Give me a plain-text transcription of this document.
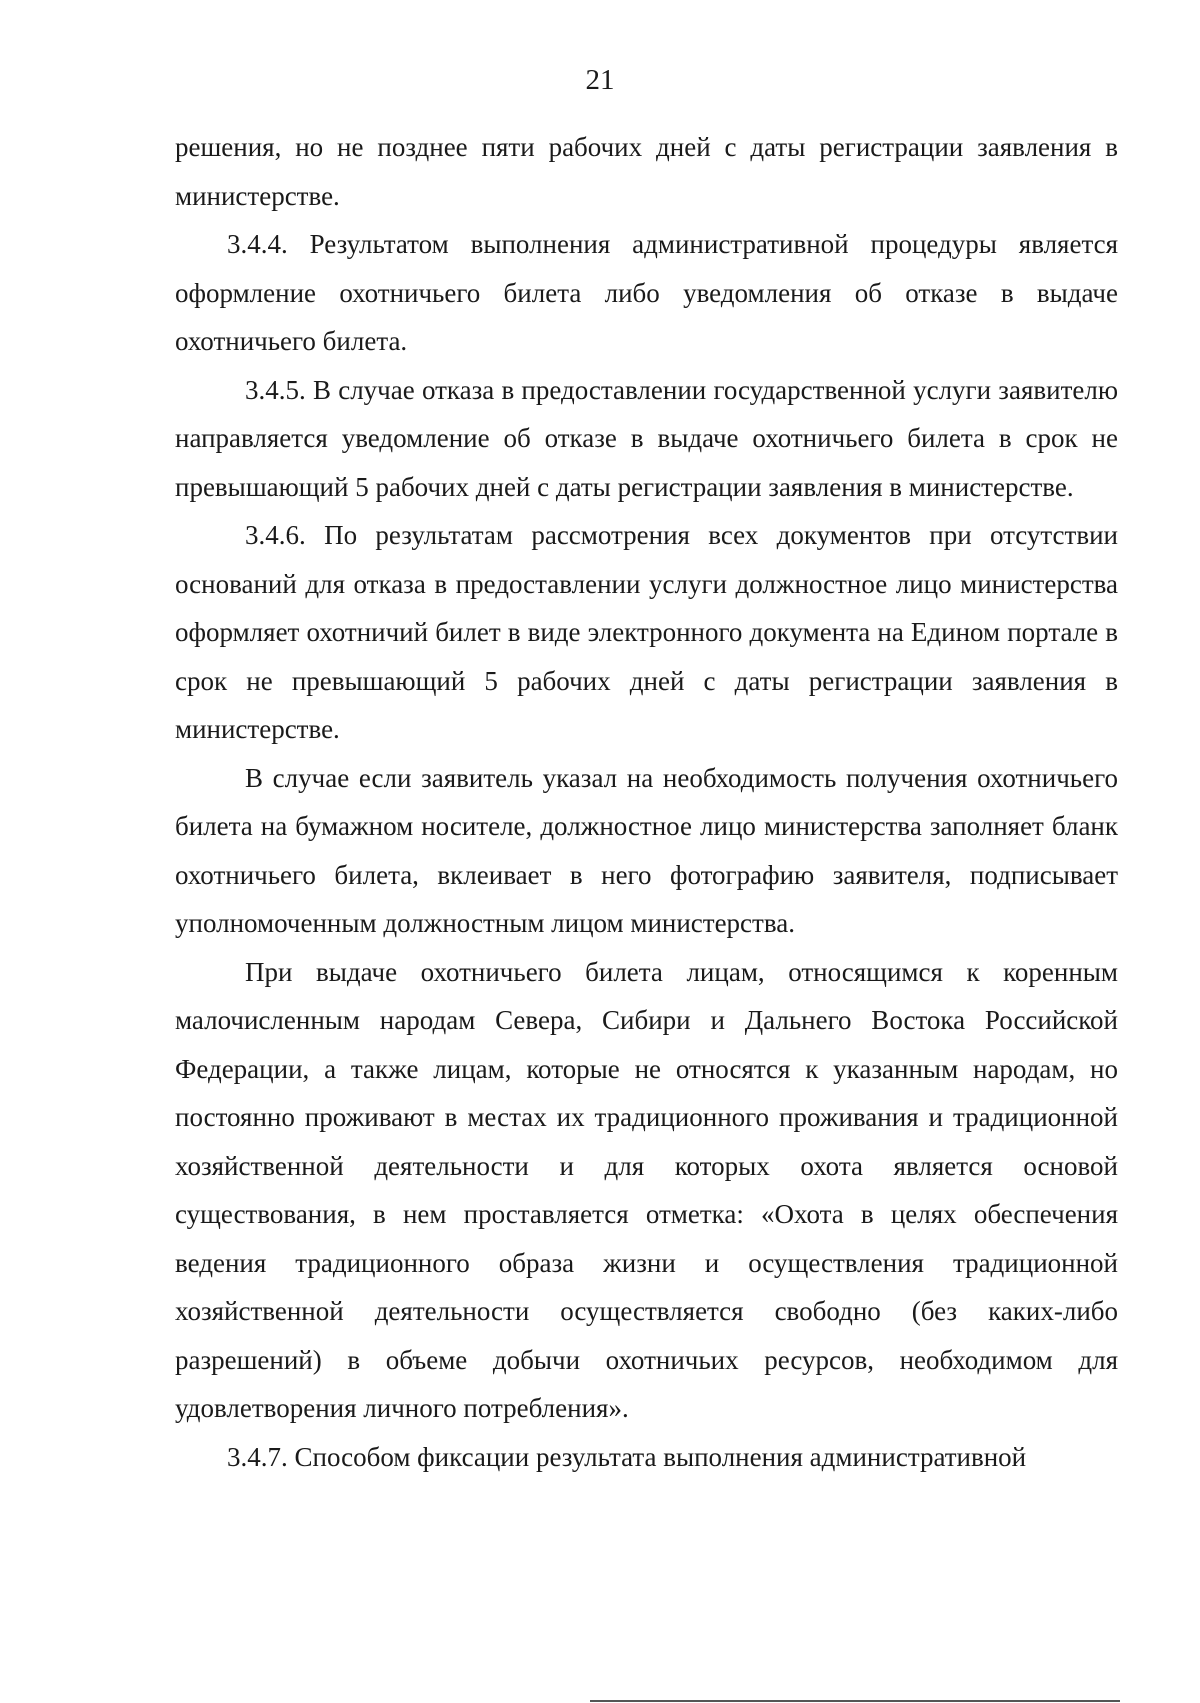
21

решения, но не позднее пяти рабочих дней с даты регистрации заявления в министерстве.

3.4.4. Результатом выполнения административной процедуры является оформление охотничьего билета либо уведомления об отказе в выдаче охотничьего билета.

3.4.5. В случае отказа в предоставлении государственной услуги заявителю направляется уведомление об отказе в выдаче охотничьего билета в срок не превышающий 5 рабочих дней с даты регистрации заявления в министерстве.

3.4.6. По результатам рассмотрения всех документов при отсутствии оснований для отказа в предоставлении услуги должностное лицо министерства оформляет охотничий билет в виде электронного документа на Едином портале в срок не превышающий 5 рабочих дней с даты регистрации заявления в министерстве.

В случае если заявитель указал на необходимость получения охотничьего билета на бумажном носителе, должностное лицо министерства заполняет бланк охотничьего билета, вклеивает в него фотографию заявителя, подписывает уполномоченным должностным лицом министерства.

При выдаче охотничьего билета лицам, относящимся к коренным малочисленным народам Севера, Сибири и Дальнего Востока Российской Федерации, а также лицам, которые не относятся к указанным народам, но постоянно проживают в местах их традиционного проживания и традиционной хозяйственной деятельности и для которых охота является основой существования, в нем проставляется отметка: «Охота в целях обеспечения ведения традиционного образа жизни и осуществления традиционной хозяйственной деятельности осуществляется свободно (без каких-либо разрешений) в объеме добычи охотничьих ресурсов, необходимом для удовлетворения личного потребления».

3.4.7. Способом фиксации результата выполнения административной
